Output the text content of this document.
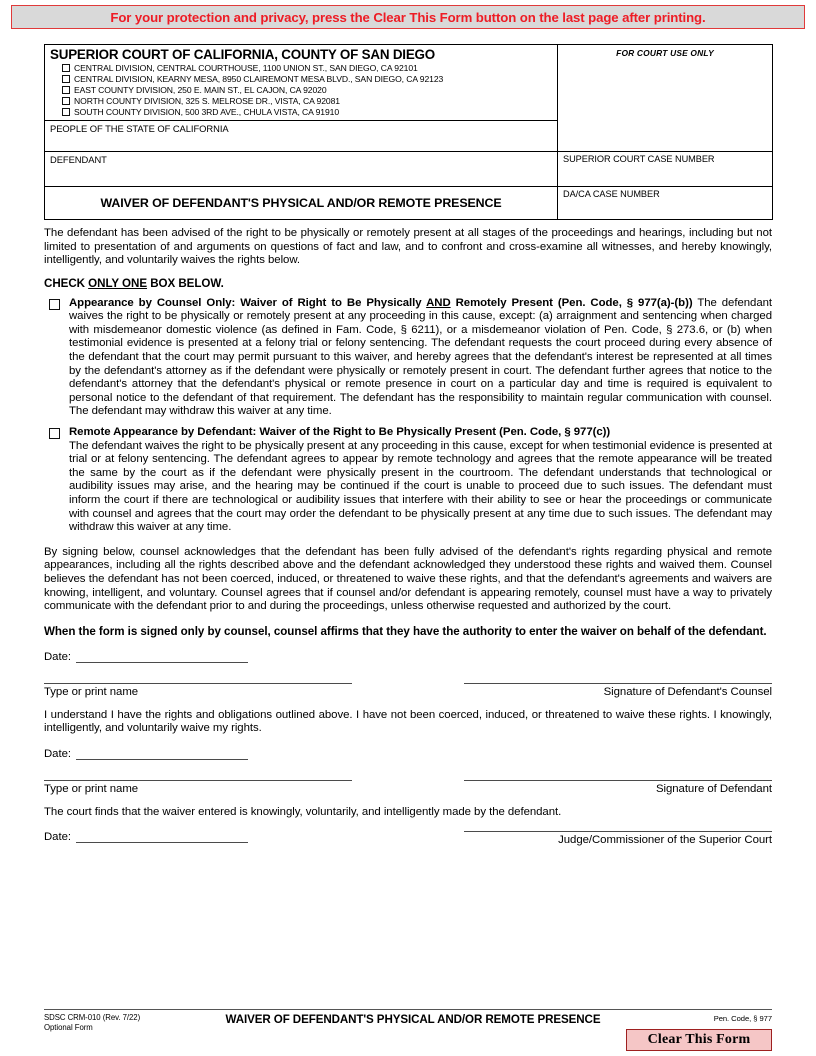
For your protection and privacy, press the Clear This Form button on the last page after printing.
SUPERIOR COURT OF CALIFORNIA, COUNTY OF SAN DIEGO
CENTRAL DIVISION, CENTRAL COURTHOUSE, 1100 UNION ST., SAN DIEGO, CA 92101
CENTRAL DIVISION, KEARNY MESA, 8950 CLAIREMONT MESA BLVD., SAN DIEGO, CA 92123
EAST COUNTY DIVISION, 250 E. MAIN ST., EL CAJON, CA 92020
NORTH COUNTY DIVISION, 325 S. MELROSE DR., VISTA, CA 92081
SOUTH COUNTY DIVISION, 500 3RD AVE., CHULA VISTA, CA 91910

FOR COURT USE ONLY

PEOPLE OF THE STATE OF CALIFORNIA	

DEFENDANT	SUPERIOR COURT CASE NUMBER

WAIVER OF DEFENDANT'S PHYSICAL AND/OR REMOTE PRESENCE	DA/CA CASE NUMBER

The defendant has been advised of the right to be physically or remotely present at all stages of the proceedings and hearings, including but not limited to presentation of and arguments on questions of fact and law, and to confront and cross-examine all witnesses, and hereby knowingly, intelligently, and voluntarily waives the rights below.

CHECK ONLY ONE BOX BELOW.
Appearance by Counsel Only: Waiver of Right to Be Physically AND Remotely Present (Pen. Code, § 977(a)-(b)) The defendant waives the right to be physically or remotely present at any proceeding in this cause, except: (a) arraignment and sentencing when charged with misdemeanor domestic violence (as defined in Fam. Code, § 6211), or a misdemeanor violation of Pen. Code, § 273.6, or (b) when testimonial evidence is presented at a felony trial or felony sentencing. The defendant requests the court proceed during every absence of the defendant that the court may permit pursuant to this waiver, and hereby agrees that the defendant's interest be represented at all times by the defendant's attorney as if the defendant were physically or remotely present in court. The defendant further agrees that notice to the defendant's attorney that the defendant's physical or remote presence in court on a particular day and time is required is equivalent to personal notice to the defendant of that requirement. The defendant has the responsibility to maintain regular communication with counsel. The defendant may withdraw this waiver at any time.
Remote Appearance by Defendant: Waiver of the Right to Be Physically Present (Pen. Code, § 977(c))
The defendant waives the right to be physically present at any proceeding in this cause, except for when testimonial evidence is presented at trial or at felony sentencing. The defendant agrees to appear by remote technology and agrees that the remote appearance will be treated the same by the court as if the defendant were physically present in the courtroom. The defendant understands that technological or audibility issues may arise, and the hearing may be continued if the court is unable to proceed due to such issues. The defendant must inform the court if there are technological or audibility issues that interfere with their ability to see or hear the proceedings or communicate with counsel and agrees that the court may order the defendant to be physically present at any time due to such issues. The defendant may withdraw this waiver at any time.

By signing below, counsel acknowledges that the defendant has been fully advised of the defendant's rights regarding physical and remote appearances, including all the rights described above and the defendant acknowledged they understood these rights and waived them. Counsel believes the defendant has not been coerced, induced, or threatened to waive these rights, and that the defendant's agreements and waivers are knowing, intelligent, and voluntary. Counsel agrees that if counsel and/or defendant is appearing remotely, counsel must have a way to privately communicate with the defendant prior to and during the proceedings, unless otherwise requested and authorized by the court.

When the form is signed only by counsel, counsel affirms that they have the authority to enter the waiver on behalf of the defendant.

Date:
Type or print name	Signature of Defendant's Counsel

I understand I have the rights and obligations outlined above. I have not been coerced, induced, or threatened to waive these rights. I knowingly, intelligently, and voluntarily waive my rights.

Date:
Type or print name	Signature of Defendant

The court finds that the waiver entered is knowingly, voluntarily, and intelligently made by the defendant.

Date:	Judge/Commissioner of the Superior Court
SDSC CRM-010 (Rev. 7/22)
Optional Form
WAIVER OF DEFENDANT'S PHYSICAL AND/OR REMOTE PRESENCE	Pen. Code, § 977
Clear This Form
